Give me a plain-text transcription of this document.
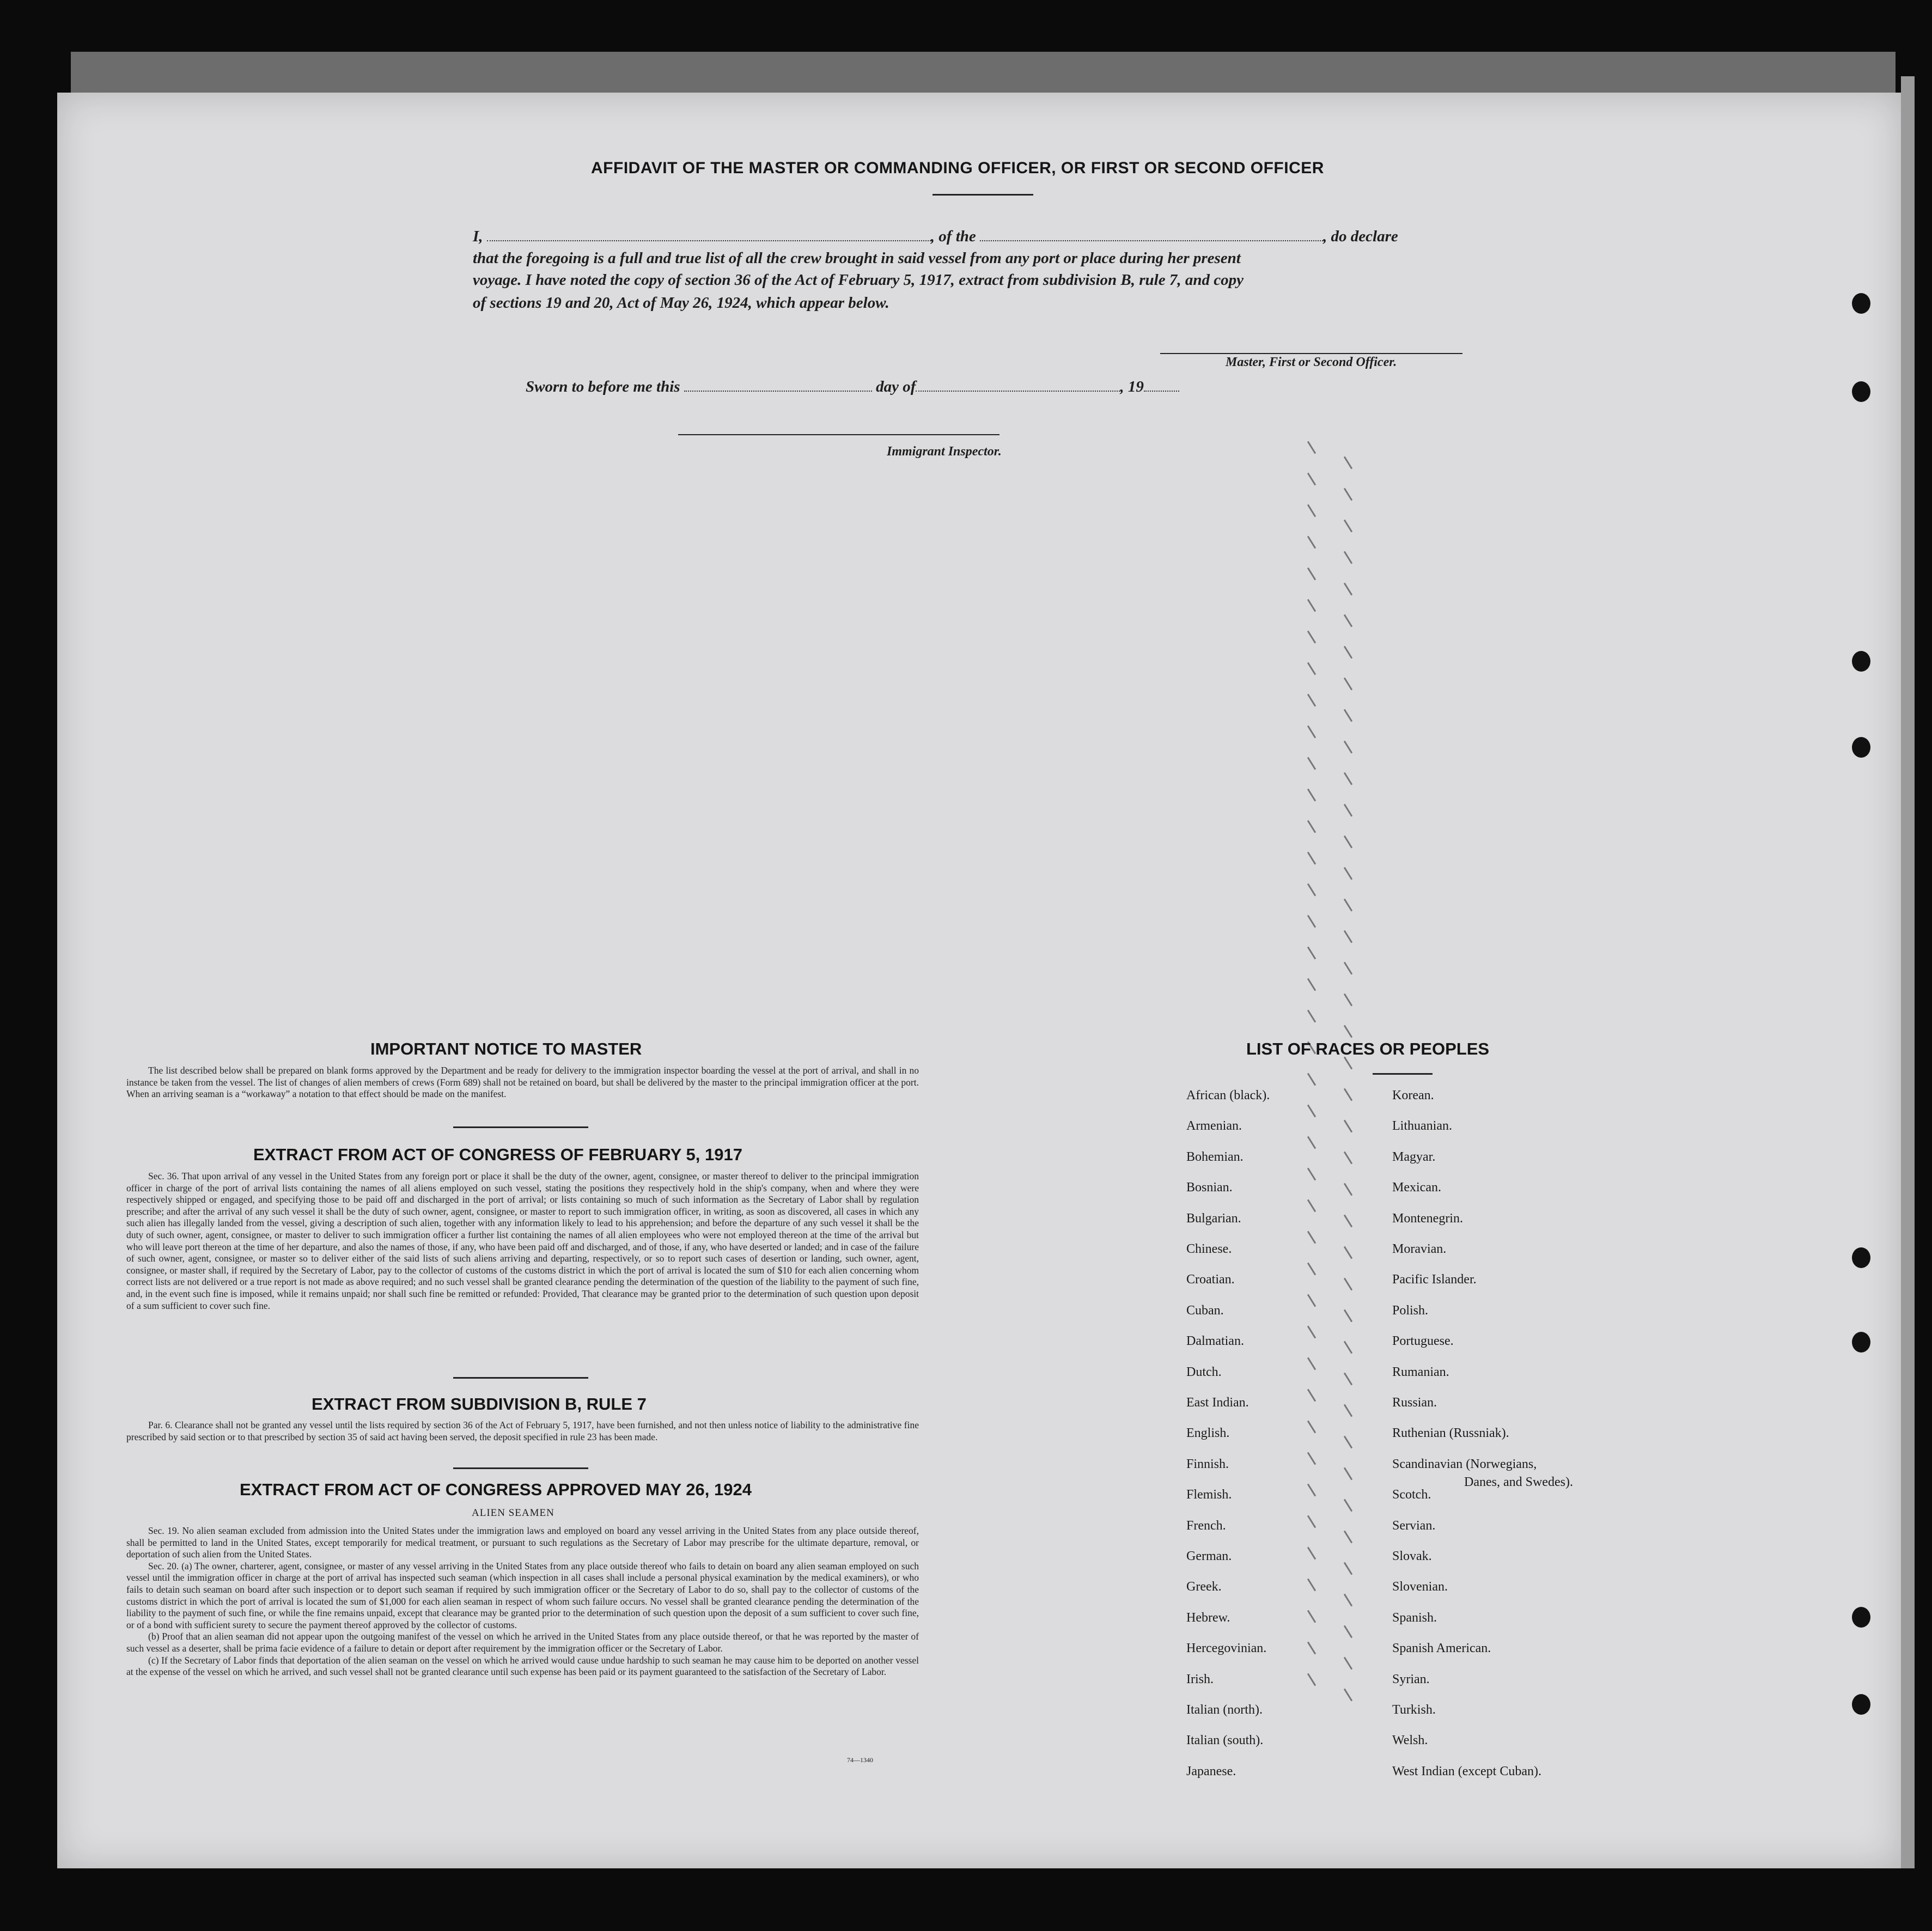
AFFIDAVIT OF THE MASTER OR COMMANDING OFFICER, OR FIRST OR SECOND OFFICER
I,	, of the	, do declare
that the foregoing is a full and true list of all the crew brought in said vessel from any port or place during her present
voyage. I have noted the copy of section 36 of the Act of February 5, 1917, extract from subdivision B, rule 7, and copy
of sections 19 and 20, Act of May 26, 1924, which appear below.
Master, First or Second Officer.
Sworn to before me this	day of	, 19
Immigrant Inspector.
IMPORTANT NOTICE TO MASTER

The list described below shall be prepared on blank forms approved by the Department and be ready for delivery to the immigration inspector boarding the vessel at the port of arrival, and shall in no instance be taken from the vessel. The list of changes of alien members of crews (Form 689) shall not be retained on board, but shall be delivered by the master to the principal immigration officer at the port. When an arriving seaman is a “workaway” a notation to that effect should be made on the manifest.

EXTRACT FROM ACT OF CONGRESS OF FEBRUARY 5, 1917

Sec. 36. That upon arrival of any vessel in the United States from any foreign port or place it shall be the duty of the owner, agent, consignee, or master thereof to deliver to the principal immigration officer in charge of the port of arrival lists containing the names of all aliens employed on such vessel, stating the positions they respectively hold in the ship's company, when and where they were respectively shipped or engaged, and specifying those to be paid off and discharged in the port of arrival; or lists containing so much of such information as the Secretary of Labor shall by regulation prescribe; and after the arrival of any such vessel it shall be the duty of such owner, agent, consignee, or master to report to such immigration officer, in writing, as soon as discovered, all cases in which any such alien has illegally landed from the vessel, giving a description of such alien, together with any information likely to lead to his apprehension; and before the departure of any such vessel it shall be the duty of such owner, agent, consignee, or master to deliver to such immigration officer a further list containing the names of all alien employees who were not employed thereon at the time of the arrival but who will leave port thereon at the time of her departure, and also the names of those, if any, who have been paid off and discharged, and of those, if any, who have deserted or landed; and in case of the failure of such owner, agent, consignee, or master so to deliver either of the said lists of such aliens arriving and departing, respectively, or so to report such cases of desertion or landing, such owner, agent, consignee, or master shall, if required by the Secretary of Labor, pay to the collector of customs of the customs district in which the port of arrival is located the sum of $10 for each alien concerning whom correct lists are not delivered or a true report is not made as above required; and no such vessel shall be granted clearance pending the determination of the question of the liability to the payment of such fine, and, in the event such fine is imposed, while it remains unpaid; nor shall such fine be remitted or refunded: Provided, That clearance may be granted prior to the determination of such question upon deposit of a sum sufficient to cover such fine.

EXTRACT FROM SUBDIVISION B, RULE 7

Par. 6. Clearance shall not be granted any vessel until the lists required by section 36 of the Act of February 5, 1917, have been furnished, and not then unless notice of liability to the administrative fine prescribed by said section or to that prescribed by section 35 of said act having been served, the deposit specified in rule 23 has been made.

EXTRACT FROM ACT OF CONGRESS APPROVED MAY 26, 1924
ALIEN SEAMEN

Sec. 19. No alien seaman excluded from admission into the United States under the immigration laws and employed on board any vessel arriving in the United States from any place outside thereof, shall be permitted to land in the United States, except temporarily for medical treatment, or pursuant to such regulations as the Secretary of Labor may prescribe for the ultimate departure, removal, or deportation of such alien from the United States.

Sec. 20. (a) The owner, charterer, agent, consignee, or master of any vessel arriving in the United States from any place outside thereof who fails to detain on board any alien seaman employed on such vessel until the immigration officer in charge at the port of arrival has inspected such seaman (which inspection in all cases shall include a personal physical examination by the medical examiners), or who fails to detain such seaman on board after such inspection or to deport such seaman if required by such immigration officer or the Secretary of Labor to do so, shall pay to the collector of customs of the customs district in which the port of arrival is located the sum of $1,000 for each alien seaman in respect of whom such failure occurs. No vessel shall be granted clearance pending the determination of the liability to the payment of such fine, or while the fine remains unpaid, except that clearance may be granted prior to the determination of such question upon the deposit of a sum sufficient to cover such fine, or of a bond with sufficient surety to secure the payment thereof approved by the collector of customs.

(b) Proof that an alien seaman did not appear upon the outgoing manifest of the vessel on which he arrived in the United States from any place outside thereof, or that he was reported by the master of such vessel as a deserter, shall be prima facie evidence of a failure to detain or deport after requirement by the immigration officer or the Secretary of Labor.

(c) If the Secretary of Labor finds that deportation of the alien seaman on the vessel on which he arrived would cause undue hardship to such seaman he may cause him to be deported on another vessel at the expense of the vessel on which he arrived, and such vessel shall not be granted clearance until such expense has been paid or its payment guaranteed to the satisfaction of the Secretary of Labor.

74—1340
LIST OF RACES OR PEOPLES
African (black).
Armenian.
Bohemian.
Bosnian.
Bulgarian.
Chinese.
Croatian.
Cuban.
Dalmatian.
Dutch.
East Indian.
English.
Finnish.
Flemish.
French.
German.
Greek.
Hebrew.
Hercegovinian.
Irish.
Italian (north).
Italian (south).
Japanese.
Korean.
Lithuanian.
Magyar.
Mexican.
Montenegrin.
Moravian.
Pacific Islander.
Polish.
Portuguese.
Rumanian.
Russian.
Ruthenian (Russniak).
Scandinavian (Norwegians,
Scotch.
Servian.
Slovak.
Slovenian.
Spanish.
Spanish American.
Syrian.
Turkish.
Welsh.
West Indian (except Cuban).
Danes, and Swedes).
